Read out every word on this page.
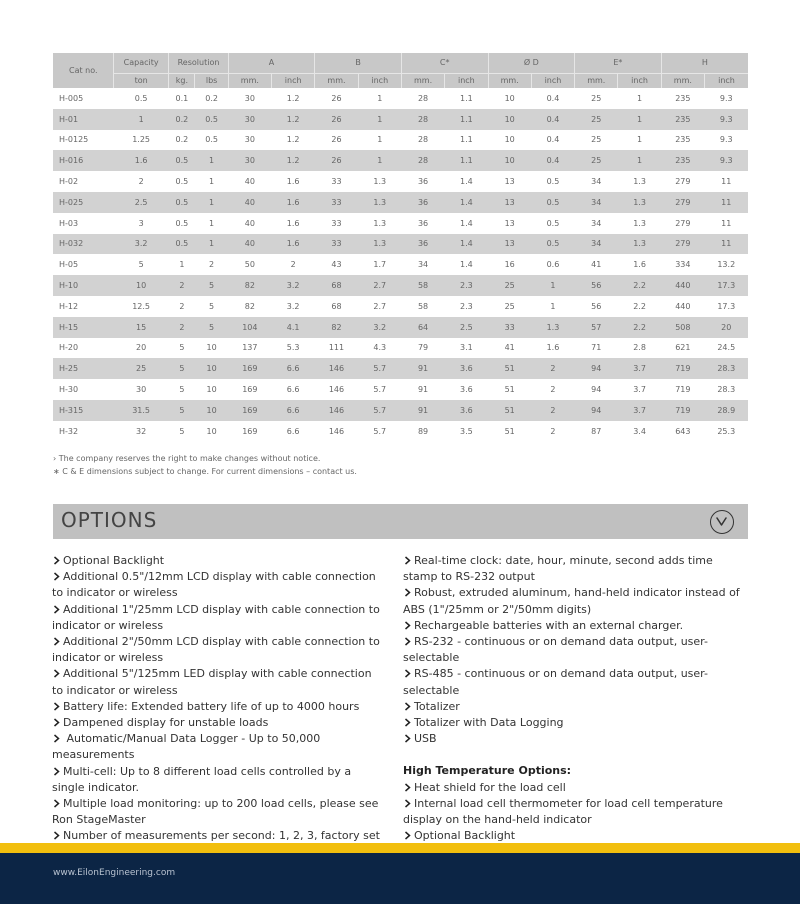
Cat no.	Capacity	Resolution		A		B		C*		Ø D		E*		H	
	ton	kg.	lbs	mm.	inch	mm.	inch	mm.	inch	mm.	inch	mm.	inch	mm.	inch
H-005	0.5	0.1	0.2	30	1.2	26	1	28	1.1	10	0.4	25	1	235	9.3
H-01	1	0.2	0.5	30	1.2	26	1	28	1.1	10	0.4	25	1	235	9.3
H-0125	1.25	0.2	0.5	30	1.2	26	1	28	1.1	10	0.4	25	1	235	9.3
H-016	1.6	0.5	1	30	1.2	26	1	28	1.1	10	0.4	25	1	235	9.3
H-02	2	0.5	1	40	1.6	33	1.3	36	1.4	13	0.5	34	1.3	279	11
H-025	2.5	0.5	1	40	1.6	33	1.3	36	1.4	13	0.5	34	1.3	279	11
H-03	3	0.5	1	40	1.6	33	1.3	36	1.4	13	0.5	34	1.3	279	11
H-032	3.2	0.5	1	40	1.6	33	1.3	36	1.4	13	0.5	34	1.3	279	11
H-05	5	1	2	50	2	43	1.7	34	1.4	16	0.6	41	1.6	334	13.2
H-10	10	2	5	82	3.2	68	2.7	58	2.3	25	1	56	2.2	440	17.3
H-12	12.5	2	5	82	3.2	68	2.7	58	2.3	25	1	56	2.2	440	17.3
H-15	15	2	5	104	4.1	82	3.2	64	2.5	33	1.3	57	2.2	508	20
H-20	20	5	10	137	5.3	111	4.3	79	3.1	41	1.6	71	2.8	621	24.5
H-25	25	5	10	169	6.6	146	5.7	91	3.6	51	2	94	3.7	719	28.3
H-30	30	5	10	169	6.6	146	5.7	91	3.6	51	2	94	3.7	719	28.3
H-315	31.5	5	10	169	6.6	146	5.7	91	3.6	51	2	94	3.7	719	28.9
H-32	32	5	10	169	6.6	146	5.7	89	3.5	51	2	87	3.4	643	25.3
› The company reserves the right to make changes without notice.
∗ C & E dimensions subject to change. For current dimensions – contact us.
OPTIONS
Optional Backlight
Additional 0.5"/12mm LCD display with cable connection to indicator or wireless
Additional 1"/25mm LCD display with cable connection to indicator or wireless
Additional 2"/50mm LCD display with cable connection to indicator or wireless
Additional 5"/125mm LED display with cable connection to indicator or wireless
Battery life: Extended battery life of up to 4000 hours
Dampened display for unstable loads
Automatic/Manual Data Logger - Up to 50,000 measurements
Multi-cell: Up to 8 different load cells controlled by a single indicator.
Multiple load monitoring: up to 200 load cells, please see Ron StageMaster
Number of measurements per second: 1, 2, 3, factory set
Real-time clock: date, hour, minute, second adds time stamp to RS-232 output
Robust, extruded aluminum, hand-held indicator instead of ABS (1"/25mm or 2"/50mm digits)
Rechargeable batteries with an external charger.
RS-232 - continuous or on demand data output, user-selectable
RS-485 - continuous or on demand data output, user-selectable
Totalizer
Totalizer with Data Logging
USB
High Temperature Options:
Heat shield for the load cell
Internal load cell thermometer for load cell temperature display on the hand-held indicator
Optional Backlight
www.EilonEngineering.com
